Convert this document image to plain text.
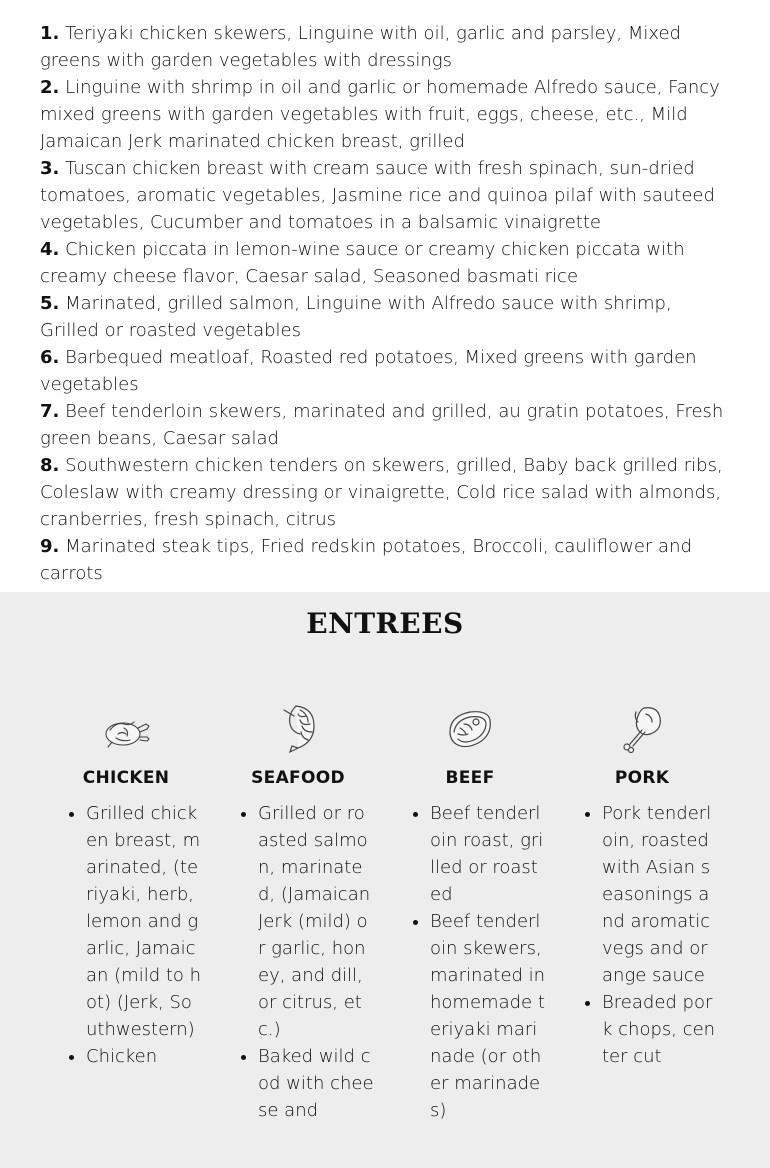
1. Teriyaki chicken skewers, Linguine with oil, garlic and parsley, Mixed greens with garden vegetables with dressings

2. Linguine with shrimp in oil and garlic or homemade Alfredo sauce, Fancy mixed greens with garden vegetables with fruit, eggs, cheese, etc., Mild Jamaican Jerk marinated chicken breast, grilled

3. Tuscan chicken breast with cream sauce with fresh spinach, sun-dried tomatoes, aromatic vegetables, Jasmine rice and quinoa pilaf with sauteed vegetables, Cucumber and tomatoes in a balsamic vinaigrette

4. Chicken piccata in lemon-wine sauce or creamy chicken piccata with creamy cheese flavor, Caesar salad, Seasoned basmati rice

5. Marinated, grilled salmon, Linguine with Alfredo sauce with shrimp, Grilled or roasted vegetables

6. Barbequed meatloaf, Roasted red potatoes, Mixed greens with garden vegetables

7. Beef tenderloin skewers, marinated and grilled, au gratin potatoes, Fresh green beans, Caesar salad

8. Southwestern chicken tenders on skewers, grilled, Baby back grilled ribs, Coleslaw with creamy dressing or vinaigrette, Cold rice salad with almonds, cranberries, fresh spinach, citrus

9. Marinated steak tips, Fried redskin potatoes, Broccoli, cauliflower and carrots

ENTREES
CHICKEN
• Grilled chicken breast, marinated, (teriyaki, herb, lemon and garlic, Jamaican (mild to hot) (Jerk, Southwestern)
• Chicken
SEAFOOD
• Grilled or roasted salmon, marinated, (Jamaican Jerk (mild) or garlic, honey, and dill, or citrus, etc.)
• Baked wild cod with cheese and
BEEF
• Beef tenderloin roast, grilled or roasted
• Beef tenderloin skewers, marinated in homemade teriyaki marinade (or other marinades)
PORK
• Pork tenderloin, roasted with Asian seasonings and aromatic vegs and orange sauce
• Breaded pork chops, center cut
